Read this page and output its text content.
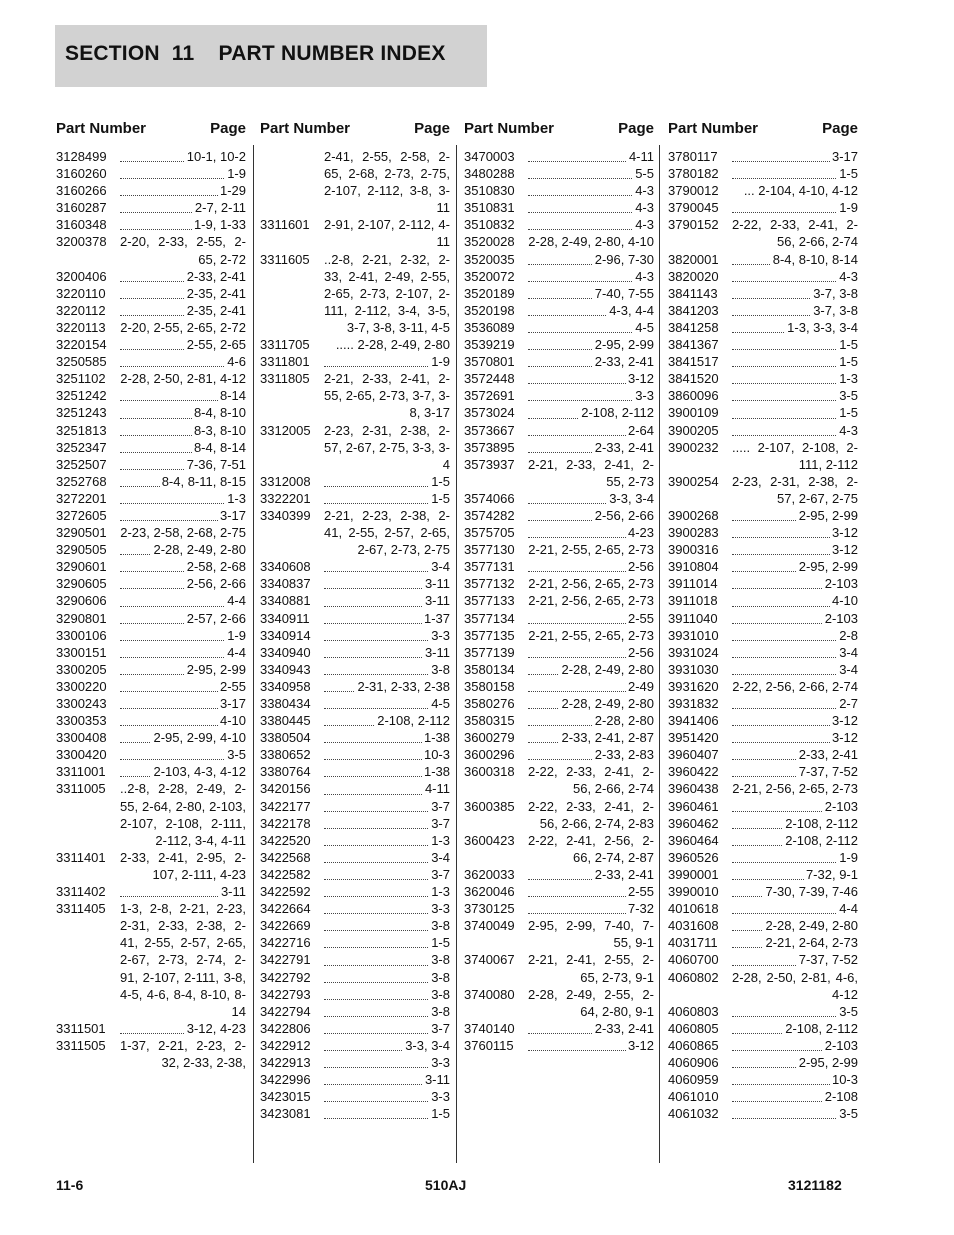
SECTION  11    PART NUMBER INDEX
Part Number	Page
3128499	10-1, 10-2
3160260	1-9
3160266	1-29
3160287	2-7, 2-11
3160348	1-9, 1-33
3200378	2-20, 2-33, 2-55, 2-65, 2-72
3200406	2-33, 2-41
3220110	2-35, 2-41
3220112	2-35, 2-41
3220113	2-20, 2-55, 2-65, 2-72
3220154	2-55, 2-65
3250585	4-6
3251102	2-28, 2-50, 2-81, 4-12
3251242	8-14
3251243	8-4, 8-10
3251813	8-3, 8-10
3252347	8-4, 8-14
3252507	7-36, 7-51
3252768	8-4, 8-11, 8-15
3272201	1-3
3272605	3-17
3290501	2-23, 2-58, 2-68, 2-75
3290505	2-28, 2-49, 2-80
3290601	2-58, 2-68
3290605	2-56, 2-66
3290606	4-4
3290801	2-57, 2-66
3300106	1-9
3300151	4-4
3300205	2-95, 2-99
3300220	2-55
3300243	3-17
3300353	4-10
3300408	2-95, 2-99, 4-10
3300420	3-5
3311001	2-103, 4-3, 4-12
3311005	..2-8, 2-28, 2-49, 2-55, 2-64, 2-80, 2-103, 2-107, 2-108, 2-111, 2-112, 3-4, 4-11
3311401	2-33, 2-41, 2-95, 2-107, 2-111, 4-23
3311402	3-11
3311405	1-3, 2-8, 2-21, 2-23, 2-31, 2-33, 2-38, 2-41, 2-55, 2-57, 2-65, 2-67, 2-73, 2-74, 2-91, 2-107, 2-111, 3-8, 4-5, 4-6, 8-4, 8-10, 8-14
3311501	3-12, 4-23
3311505	1-37, 2-21, 2-23, 2-32, 2-33, 2-38,
Part Number	Page
2-41, 2-55, 2-58, 2-65, 2-68, 2-73, 2-75, 2-107, 2-112, 3-8, 3-11
3311601	2-91, 2-107, 2-112, 4-11
3311605	..2-8, 2-21, 2-32, 2-33, 2-41, 2-49, 2-55, 2-65, 2-73, 2-107, 2-111, 2-112, 3-4, 3-5, 3-7, 3-8, 3-11, 4-5
3311705	..... 2-28, 2-49, 2-80
3311801	1-9
3311805	2-21, 2-33, 2-41, 2-55, 2-65, 2-73, 3-7, 3-8, 3-17
3312005	2-23, 2-31, 2-38, 2-57, 2-67, 2-75, 3-3, 3-4
3312008	1-5
3322201	1-5
3340399	2-21, 2-23, 2-38, 2-41, 2-55, 2-57, 2-65, 2-67, 2-73, 2-75
3340608	3-4
3340837	3-11
3340881	3-11
3340911	1-37
3340914	3-3
3340940	3-11
3340943	3-8
3340958	2-31, 2-33, 2-38
3380434	4-5
3380445	2-108, 2-112
3380504	1-38
3380652	10-3
3380764	1-38
3420156	4-11
3422177	3-7
3422178	3-7
3422520	1-3
3422568	3-4
3422582	3-7
3422592	1-3
3422664	3-3
3422669	3-8
3422716	1-5
3422791	3-8
3422792	3-8
3422793	3-8
3422794	3-8
3422806	3-7
3422912	3-3, 3-4
3422913	3-3
3422996	3-11
3423015	3-3
3423081	1-5
Part Number	Page
3470003	4-11
3480288	5-5
3510830	4-3
3510831	4-3
3510832	4-3
3520028	2-28, 2-49, 2-80, 4-10
3520035	2-96, 7-30
3520072	4-3
3520189	7-40, 7-55
3520198	4-3, 4-4
3536089	4-5
3539219	2-95, 2-99
3570801	2-33, 2-41
3572448	3-12
3572691	3-3
3573024	2-108, 2-112
3573667	2-64
3573895	2-33, 2-41
3573937	2-21, 2-33, 2-41, 2-55, 2-73
3574066	3-3, 3-4
3574282	2-56, 2-66
3575705	4-23
3577130	2-21, 2-55, 2-65, 2-73
3577131	2-56
3577132	2-21, 2-56, 2-65, 2-73
3577133	2-21, 2-56, 2-65, 2-73
3577134	2-55
3577135	2-21, 2-55, 2-65, 2-73
3577139	2-56
3580134	2-28, 2-49, 2-80
3580158	2-49
3580276	2-28, 2-49, 2-80
3580315	2-28, 2-80
3600279	2-33, 2-41, 2-87
3600296	2-33, 2-83
3600318	2-22, 2-33, 2-41, 2-56, 2-66, 2-74
3600385	2-22, 2-33, 2-41, 2-56, 2-66, 2-74, 2-83
3600423	2-22, 2-41, 2-56, 2-66, 2-74, 2-87
3620033	2-33, 2-41
3620046	2-55
3730125	7-32
3740049	2-95, 2-99, 7-40, 7-55, 9-1
3740067	2-21, 2-41, 2-55, 2-65, 2-73, 9-1
3740080	2-28, 2-49, 2-55, 2-64, 2-80, 9-1
3740140	2-33, 2-41
3760115	3-12
Part Number	Page
3780117	3-17
3780182	1-5
3790012	... 2-104, 4-10, 4-12
3790045	1-9
3790152	2-22, 2-33, 2-41, 2-56, 2-66, 2-74
3820001	8-4, 8-10, 8-14
3820020	4-3
3841143	3-7, 3-8
3841203	3-7, 3-8
3841258	1-3, 3-3, 3-4
3841367	1-5
3841517	1-5
3841520	1-3
3860096	3-5
3900109	1-5
3900205	4-3
3900232	..... 2-107, 2-108, 2-111, 2-112
3900254	2-23, 2-31, 2-38, 2-57, 2-67, 2-75
3900268	2-95, 2-99
3900283	3-12
3900316	3-12
3910804	2-95, 2-99
3911014	2-103
3911018	4-10
3911040	2-103
3931010	2-8
3931024	3-4
3931030	3-4
3931620	2-22, 2-56, 2-66, 2-74
3931832	2-7
3941406	3-12
3951420	3-12
3960407	2-33, 2-41
3960422	7-37, 7-52
3960438	2-21, 2-56, 2-65, 2-73
3960461	2-103
3960462	2-108, 2-112
3960464	2-108, 2-112
3960526	1-9
3990001	7-32, 9-1
3990010	7-30, 7-39, 7-46
4010618	4-4
4031608	2-28, 2-49, 2-80
4031711	2-21, 2-64, 2-73
4060700	7-37, 7-52
4060802	2-28, 2-50, 2-81, 4-6, 4-12
4060803	3-5
4060805	2-108, 2-112
4060865	2-103
4060906	2-95, 2-99
4060959	10-3
4061010	2-108
4061032	3-5
11-6	510AJ	3121182
